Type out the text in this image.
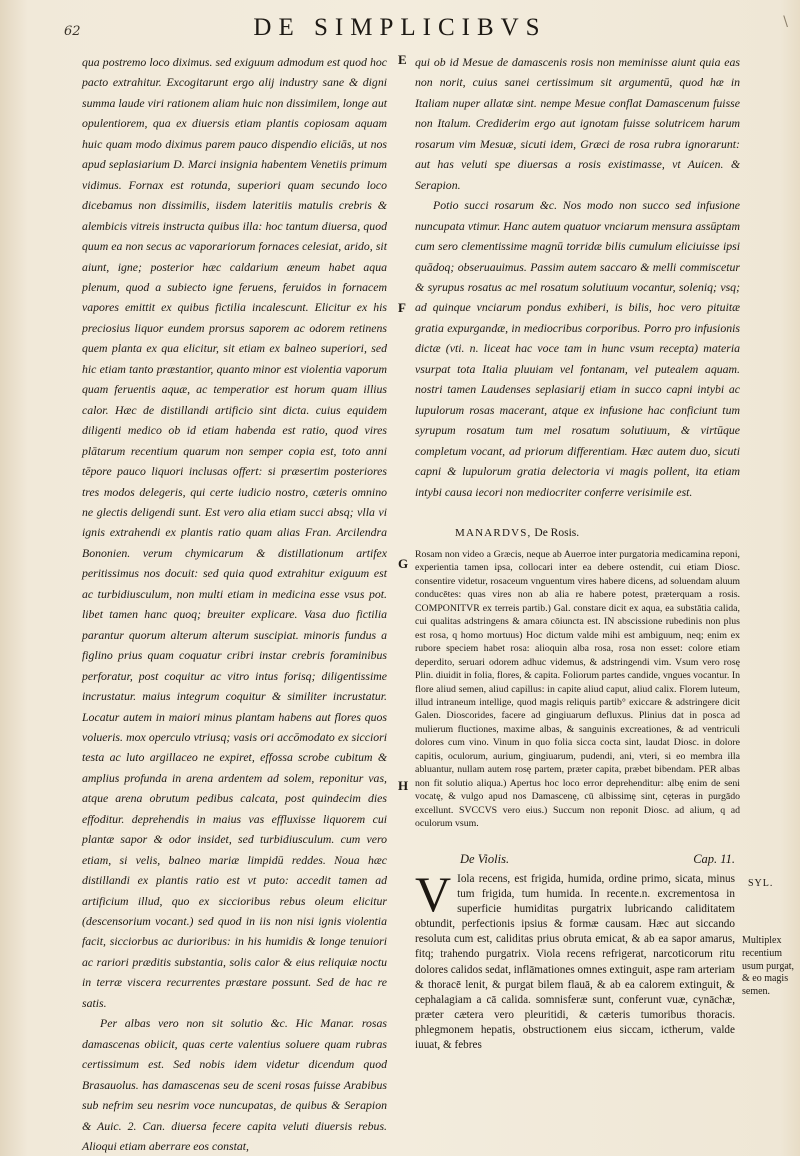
62	DE SIMPLICIBVS	\
E
F
G
H

qua postremo loco diximus. sed exiguum admodum est quod hoc pacto extrahitur. Excogitarunt ergo alij industry sane & digni summa laude viri rationem aliam huic non dissimilem, longe aut opulentiorem, qua ex diuersis etiam plantis copiosam aquam huic quam modo diximus parem pauco dispendio eliciās, ut nos apud seplasiarium D. Marci insignia habentem Venetiis primum vidimus. Fornax est rotunda, superiori quam secundo loco dicebamus non dissimilis, iisdem lateritiis matulis crebris & alembicis vitreis instructa quibus illa: hoc tantum diuersa, quod quum ea non secus ac vaporariorum fornaces celesiat, arido, sit aiunt, igne; posterior hæc caldarium æneum habet aqua plenum, quod a subiecto igne feruens, feruidos in fornacem vapores emittit ex quibus fictilia incalescunt. Elicitur ex his preciosius liquor eundem prorsus saporem ac odorem retinens quem planta ex qua elicitur, sit etiam ex balneo superiori, sed hic etiam tanto præstantior, quanto minor est violentia vaporum quam feruentis aquæ, ac temperatior est horum quam illius calor. Hæc de distillandi artificio sint dicta. cuius equidem diligenti medico ob id etiam habenda est ratio, quod vires plātarum recentium quarum non semper copia est, toto anni tēpore pauco liquori inclusas offert: si præsertim posteriores tres modos delegeris, qui certe iudicio nostro, cæteris omnino ne glectis deligendi sunt. Est vero alia etiam succi absq; vlla vi ignis extrahendi ex plantis ratio quam alias Fran. Arcilendra Bononien. verum chymicarum & distillationum artifex peritissimus nos docuit: sed quia quod extrahitur exiguum est ac turbidiusculum, non multi etiam in medicina esse vsus pot. libet tamen hanc quoq; breuiter explicare. Vasa duo fictilia parantur quorum alterum alterum suscipiat. minoris fundus a figlino prius quam coquatur cribri instar crebris foraminibus perforatur, post coquitur ac vitro intus forisq; diligentissime incrustatur. maius integrum coquitur & similiter incrustatur. Locatur autem in maiori minus plantam habens aut flores quos volueris. mox operculo vtriusq; vasis ori accōmodato ex sicciori testa ac luto argillaceo ne expiret, effossa scrobe cubitum & amplius profunda in arena ardentem ad solem, reponitur vas, atque arena obrutum pedibus calcata, post quindecim dies effoditur. deprehendis in maius vas effluxisse liquorem cui plantæ sapor & odor insidet, sed turbidiusculum. cum vero etiam, si velis, balneo mariæ limpidū reddes. Noua hæc distillandi ex plantis ratio est vt puto: accedit tamen ad artificium illud, quo ex siccioribus rebus oleum elicitur (descensorium vocant.) sed quod in iis non nisi ignis violentia facit, sicciorbus ac durioribus: in his humidis & longe tenuiori ac rariori præditis substantia, solis calor & eius reliquiæ noctu in terræ viscera recurrentes præstare possunt. Sed de hac re satis.

Per albas vero non sit solutio &c. Hic Manar. rosas damascenas obiicit, quas certe valentius soluere quam rubras certissimum est. Sed nobis idem videtur dicendum quod Brasauolus. has damascenas seu de sceni rosas fuisse Arabibus sub nefrim seu nesrim voce nuncupatas, de quibus & Serapion & Auic. 2. Can. diuersa fecere capita veluti diuersis rebus. Alioqui etiam aberrare eos constat,

qui ob id Mesue de damascenis rosis non meminisse aiunt quia eas non norit, cuius sanei certissimum sit argumentū, quod hæ in Italiam nuper allatæ sint. nempe Mesue conflat Damascenum fuisse non Italum. Crediderim ergo aut ignotam fuisse solutricem harum rosarum vim Mesuæ, sicuti idem, Græci de rosa rubra ignorarunt: aut has veluti spe diuersas a rosis existimasse, vt Auicen. & Serapion.

Potio succi rosarum &c. Nos modo non succo sed infusione nuncupata vtimur. Hanc autem quatuor vnciarum mensura assūptam cum sero clementissime magnū torridæ bilis cumulum eliciuisse ipsi quādoq; obseruauimus. Passim autem saccaro & melli commiscetur & syrupus rosatus ac mel rosatum solutiuum vocantur, soleniq; vsq; ad quinque vnciarum pondus exhiberi, is bilis, hoc vero pituitæ gratia expurgandæ, in mediocribus corporibus. Porro pro infusionis dictæ (vti. n. liceat hac voce tam in hunc vsum recepta) materia vsurpat tota Italia pluuiam vel fontanam, vel putealem aquam. nostri tamen Laudenses seplasiarij etiam in succo capni intybi ac lupulorum rosas macerant, atque ex infusione hac conficiunt tum syrupum rosatum tum mel rosatum solutiuum, & virtūque completum vocant, ad priorum differentiam. Hæc autem duo, sicuti capni & lupulorum gratia delectoria vi magis pollent, ita etiam intybi causa iecori non mediocriter conferre verisimile est.

MANARDVS, De Rosis.

Rosam non video a Græcis, neque ab Auerroe inter purgatoria medicamina reponi, experientia tamen ipsa, collocari inter ea debere ostendit, cui etiam Diosc. consentire videtur, rosaceum vnguentum vires habere dicens, ad soluendam aluum conducētes: quas vires non ab alia re habere potest, præterquam a rosis. COMPONITVR ex terreis partib.) Gal. constare dicit ex aqua, ea substātia calida, cui qualitas adstringens & amara cōiuncta est. IN abscissione rubedinis non plus est rosa, q homo mortuus) Hoc dictum valde mihi est ambiguum, neq; enim ex rubore speciem habet rosa: alioquin alba rosa, rosa non esset: colore etiam deperdito, seruari odorem adhuc videmus, & adstringendi vim. Vsum vero rosę Plin. diuidit in folia, flores, & capita. Foliorum partes candide, vngues vocantur. In flore aliud semen, aliud capillus: in capite aliud caput, aliud calix. Florem luteum, illud intraneum intellige, quod magis reliquis partib° exiccare & adstringere dicit Galen. Dioscorides, facere ad gingiuarum defluxus. Plinius dat in posca ad mulierum fluctiones, maxime albas, & sanguinis excreationes, & ad ventriculi dolores cum vino. Vinum in quo folia sicca cocta sint, laudat Diosc. in dolore capitis, oculorum, aurium, gingiuarum, pudendi, ani, vteri, si eo membra illa abluantur, nullam autem rosę partem, præter capita, præbet bibendam. PER albas non fit solutio aliqua.) Apertus hoc loco error deprehenditur: albę enim de seni vocatę, & vulgo apud nos Damascenę, cū albissimę sint, cęteras in purgādo excellunt. SVCCVS vero eius.) Succum non reponit Diosc. ad alium, q ad oculorum vsum.

De Violis.	Cap. 11.
V Iola recens, est frigida, humida, ordine primo, sicata, minus tum frigida, tum humida. In recente.n. excrementosa in superficie humiditas purgatrix lubricando caliditatem obtundit, perfectionis ipsius & formæ causam. Hæc aut siccando resoluta cum est, caliditas prius obruta emicat, & ab ea sapor amarus, fitq; trahendo purgatrix. Viola recens refrigerat, narcoticorum ritu dolores calidos sedat, inflāmationes omnes extinguit, aspe ram arteriam & thoracē lenit, & purgat bilem flauā, & ab ea calorem extinguit, & cephalagiam a cā calida. somnisferæ sunt, conferunt vuæ, cynāchæ, præter cætera vero pleuritidi, & cæteris tumoribus thoracis. phlegmonem hepatis, obstructionem eius siccam, ictherum, valde iuuat, & febres

SYL.
Multiplex recentium usum purgat, & eo magis semen.
